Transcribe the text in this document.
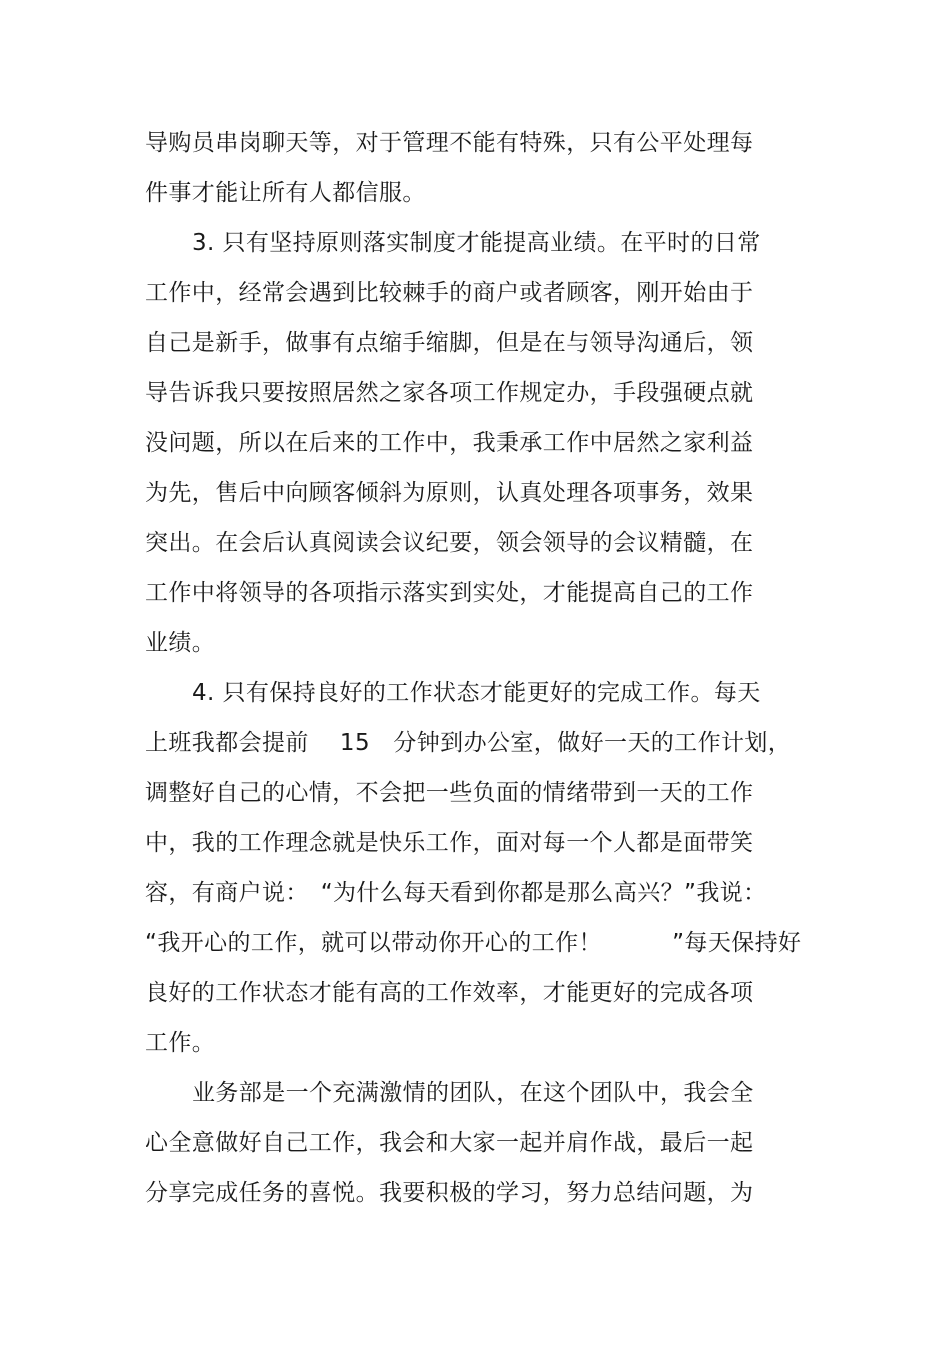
导购员串岗聊天等，对于管理不能有特殊，只有公平处理每
件事才能让所有人都信服。
3. 只有坚持原则落实制度才能提高业绩。在平时的日常
工作中，经常会遇到比较棘手的商户或者顾客，刚开始由于
自己是新手，做事有点缩手缩脚，但是在与领导沟通后，领
导告诉我只要按照居然之家各项工作规定办，手段强硬点就
没问题，所以在后来的工作中，我秉承工作中居然之家利益
为先，售后中向顾客倾斜为原则，认真处理各项事务，效果
突出。在会后认真阅读会议纪要，领会领导的会议精髓，在
工作中将领导的各项指示落实到实处，才能提高自己的工作
业绩。
4. 只有保持良好的工作状态才能更好的完成工作。每天
上班我都会提前　 15　分钟到办公室，做好一天的工作计划，
调整好自己的心情，不会把一些负面的情绪带到一天的工作
中，我的工作理念就是快乐工作，面对每一个人都是面带笑
容，有商户说：　“为什么每天看到你都是那么高兴？”我说：
“我开心的工作，就可以带动你开心的工作！　　　”每天保持好
良好的工作状态才能有高的工作效率，才能更好的完成各项
工作。
业务部是一个充满激情的团队，在这个团队中，我会全
心全意做好自己工作，我会和大家一起并肩作战，最后一起
分享完成任务的喜悦。我要积极的学习，努力总结问题，为
